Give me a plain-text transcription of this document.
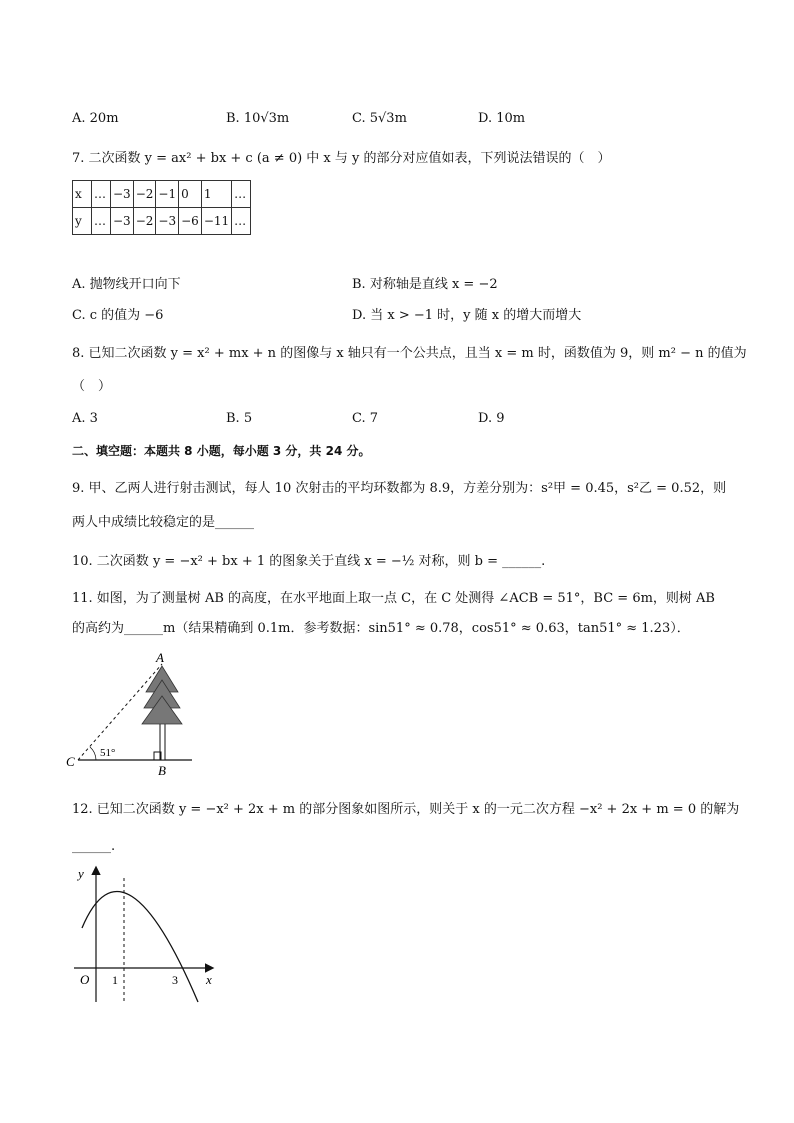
A. 20m	B. 10√3m	C. 5√3m	D. 10m
7. 二次函数 y = ax² + bx + c (a ≠ 0) 中 x 与 y 的部分对应值如表，下列说法错误的（　）
x	…	−3	−2	−1	0	1	…
y	…	−3	−2	−3	−6	−11	…
A. 抛物线开口向下	B. 对称轴是直线 x = −2
C. c 的值为 −6	D. 当 x > −1 时，y 随 x 的增大而增大
8. 已知二次函数 y = x² + mx + n 的图像与 x 轴只有一个公共点，且当 x = m 时，函数值为 9，则 m² − n 的值为
（　）
A. 3	B. 5	C. 7	D. 9
二、填空题：本题共 8 小题，每小题 3 分，共 24 分。
9. 甲、乙两人进行射击测试，每人 10 次射击的平均环数都为 8.9，方差分别为：s²甲 = 0.45，s²乙 = 0.52，则
两人中成绩比较稳定的是______
10. 二次函数 y = −x² + bx + 1 的图象关于直线 x = −½ 对称，则 b = ______.
11. 如图，为了测量树 AB 的高度，在水平地面上取一点 C，在 C 处测得 ∠ACB = 51°，BC = 6m，则树 AB
的高约为______m（结果精确到 0.1m．参考数据：sin51° ≈ 0.78，cos51° ≈ 0.63，tan51° ≈ 1.23）．
A
B
C
51°
12. 已知二次函数 y = −x² + 2x + m 的部分图象如图所示，则关于 x 的一元二次方程 −x² + 2x + m = 0 的解为
______.
y
x
O 1	3
